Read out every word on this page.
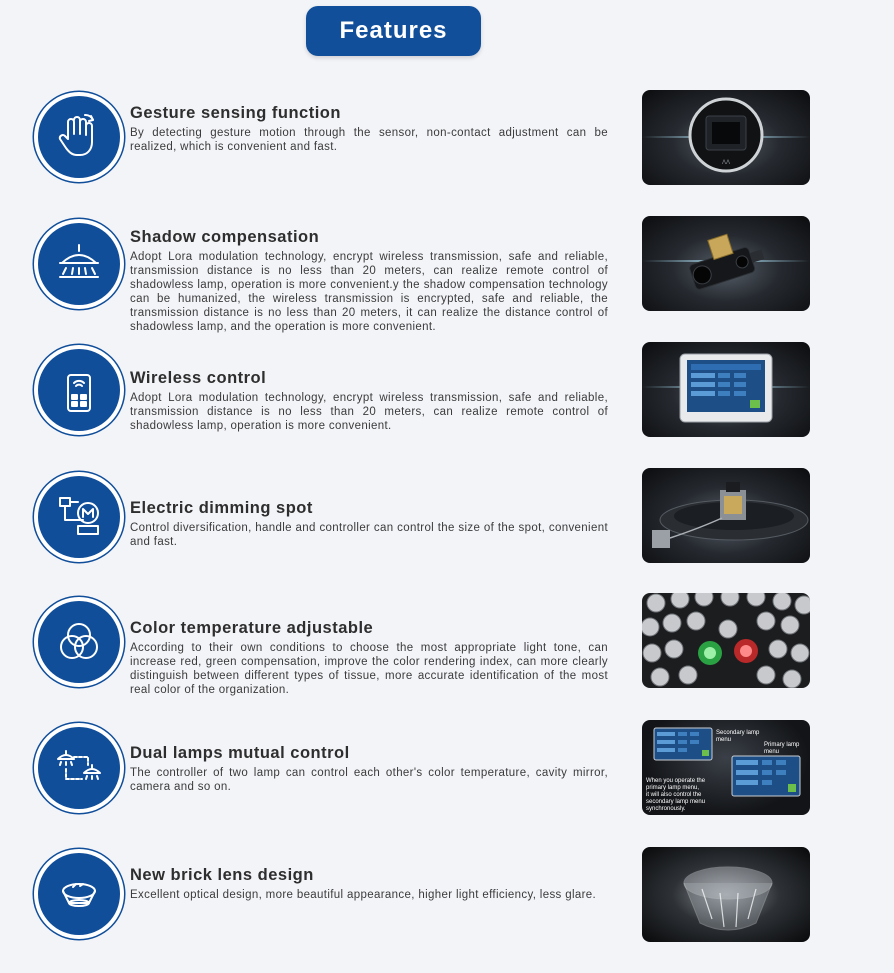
Features

Gesture sensing function

By detecting gesture motion through the sensor, non-contact adjustment can be realized, which is convenient and fast.

ΛΛ

Shadow compensation

Adopt Lora modulation technology, encrypt wireless transmission, safe and reliable, transmission distance is no less than 20 meters, can realize remote control of shadowless lamp, operation is more convenient.y the shadow compensation technology can be humanized, the wireless transmission is encrypted, safe and reliable, the transmission distance is no less than 20 meters, it can realize the distance control of shadowless lamp, and the operation is more convenient.

Wireless control

Adopt Lora modulation technology, encrypt wireless transmission, safe and reliable, transmission distance is no less than 20 meters, can realize remote control of shadowless lamp, operation is more convenient.

Electric dimming spot

Control diversification, handle and controller can control the size of the spot, convenient and fast.

Color temperature adjustable

According to their own conditions to choose the most appropriate light tone, can increase red, green compensation, improve the color rendering index, can more clearly distinguish between different types of tissue, more accurate identification of the most real color of the organization.

Dual lamps mutual control

The controller of two lamp can control each other's color temperature, cavity mirror, camera and so on.

Secondary lamp
menu
Primary lamp
menu
When you operate the
primary lamp menu,
it will also control the
secondary lamp menu
synchronously.

New brick lens design

Excellent optical design, more beautiful appearance, higher light efficiency, less glare.
